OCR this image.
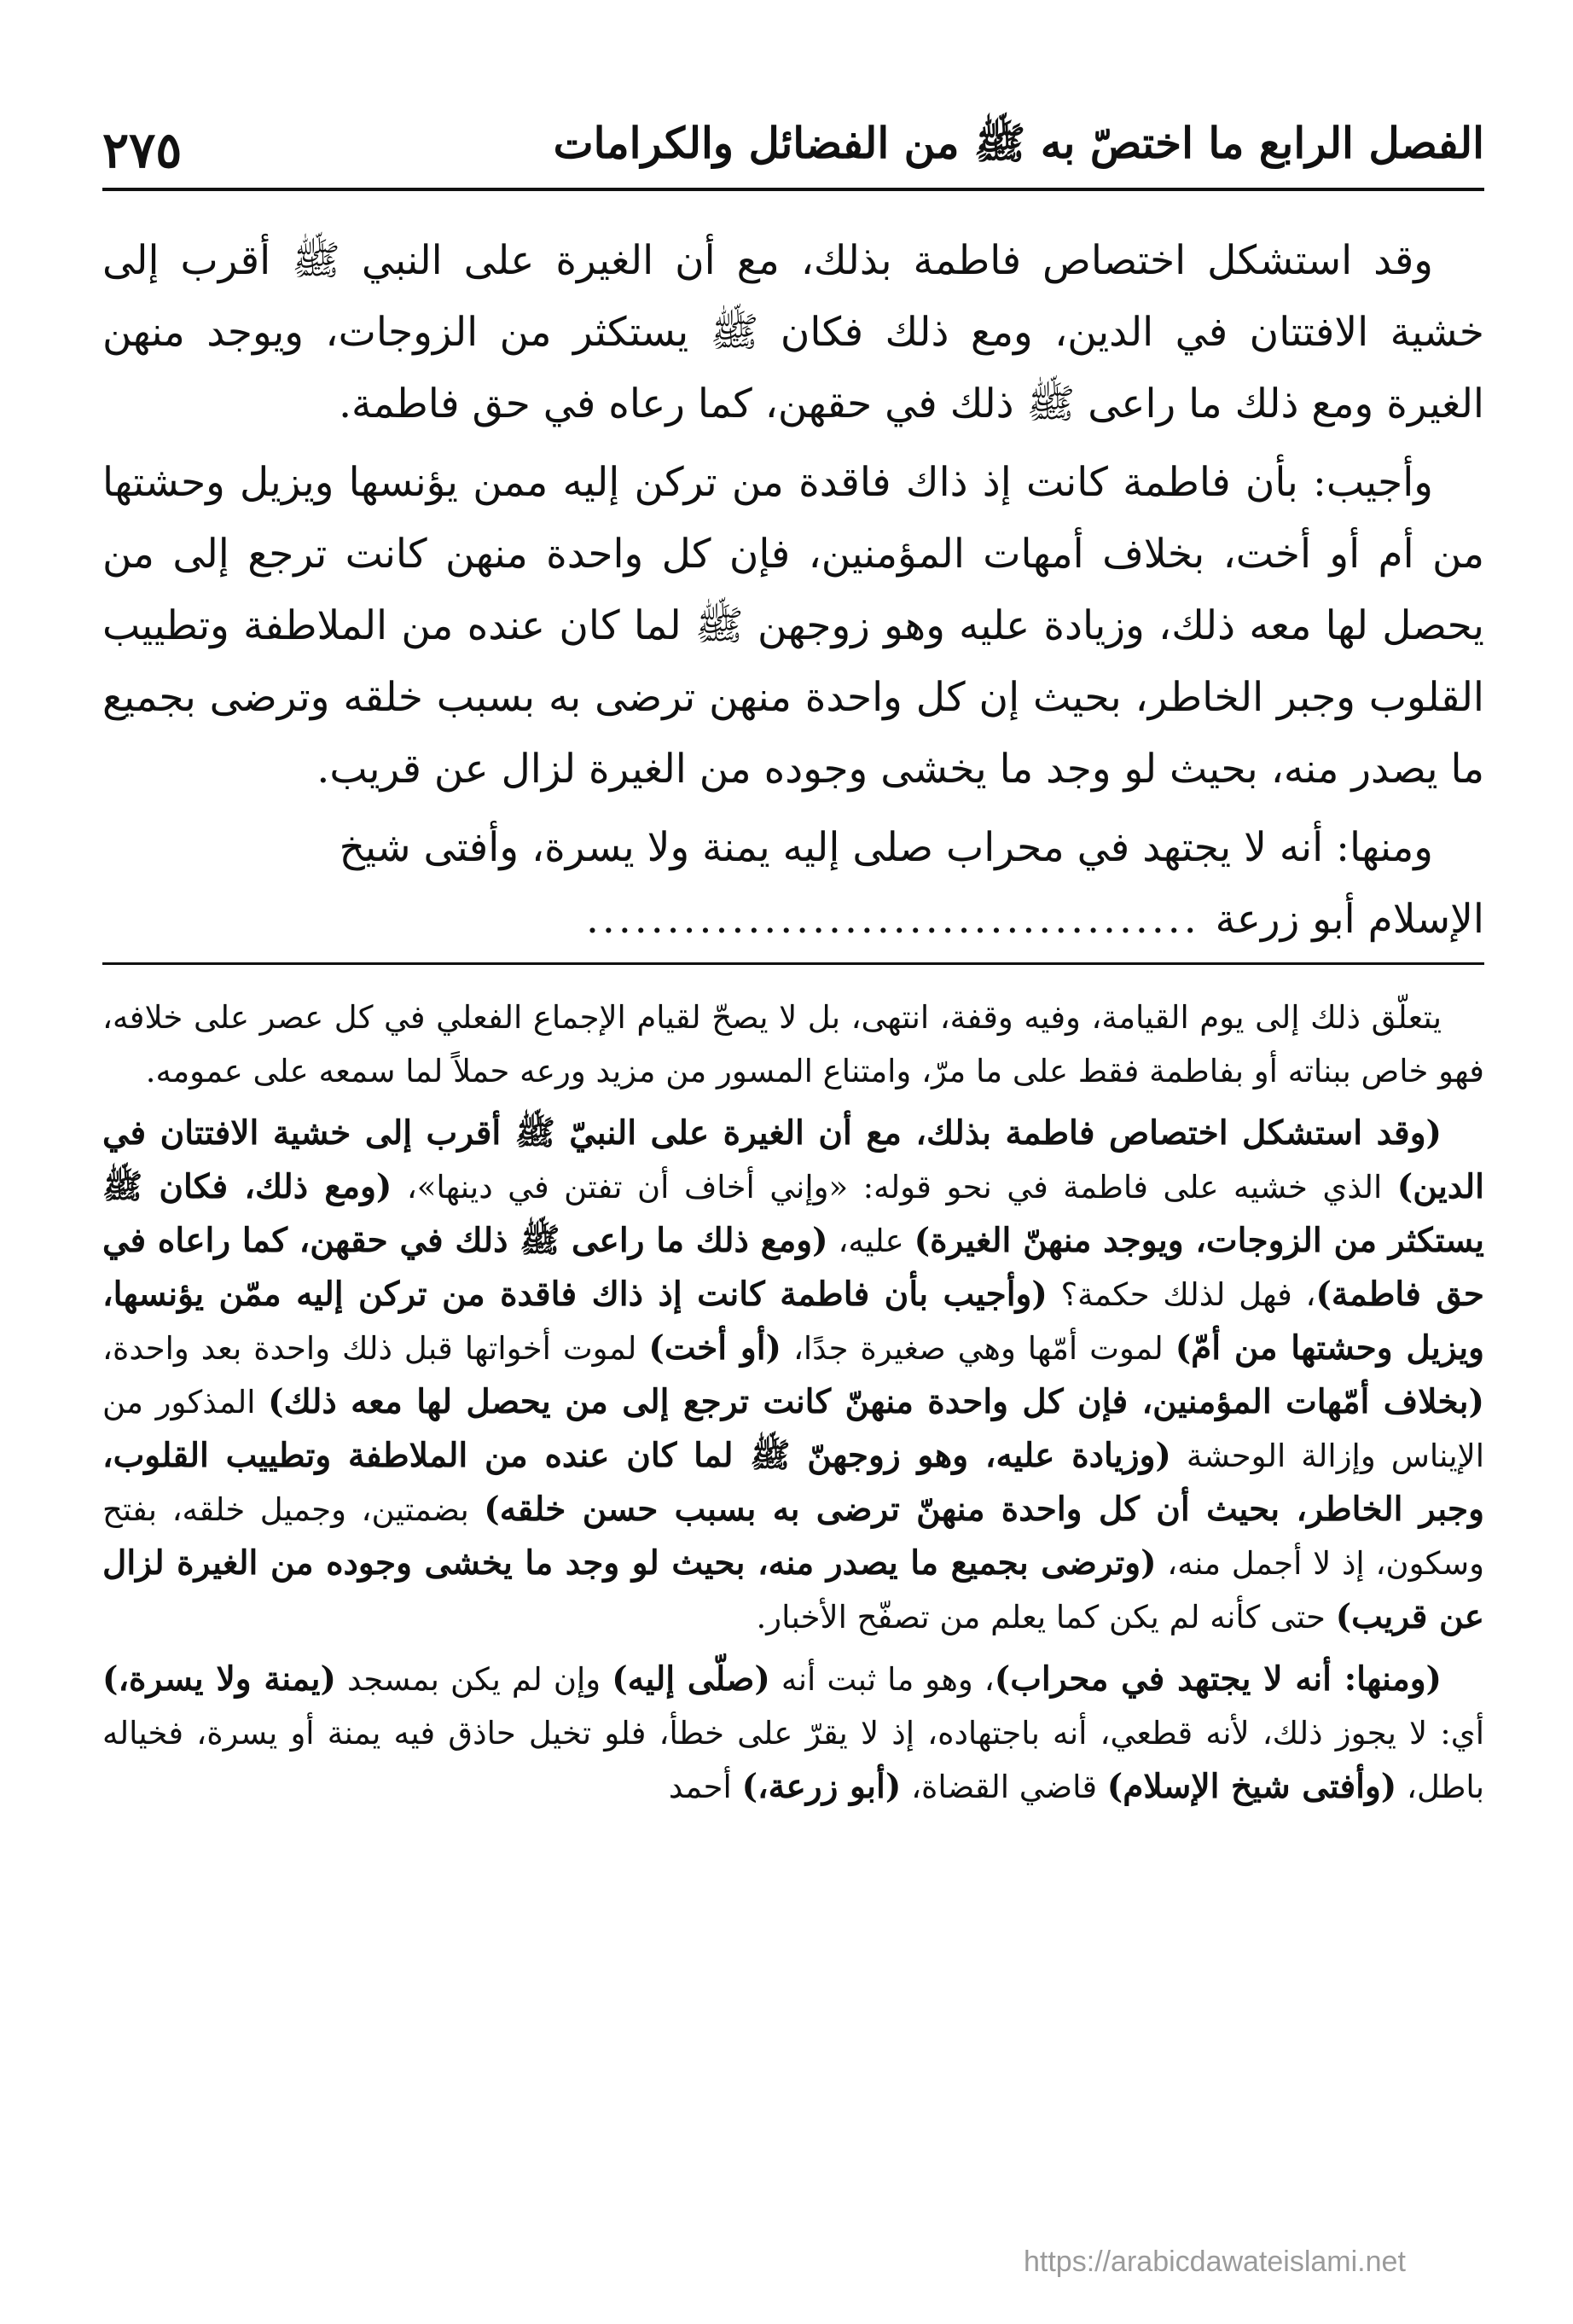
الفصل الرابع ما اختصّ به ﷺ من الفضائل والكرامات
٢٧٥

وقد استشكل اختصاص فاطمة بذلك، مع أن الغيرة على النبي ﷺ أقرب إلى خشية الافتتان في الدين، ومع ذلك فكان ﷺ يستكثر من الزوجات، ويوجد منهن الغيرة ومع ذلك ما راعى ﷺ ذلك في حقهن، كما رعاه في حق فاطمة.

وأجيب: بأن فاطمة كانت إذ ذاك فاقدة من تركن إليه ممن يؤنسها ويزيل وحشتها من أم أو أخت، بخلاف أمهات المؤمنين، فإن كل واحدة منهن كانت ترجع إلى من يحصل لها معه ذلك، وزيادة عليه وهو زوجهن ﷺ لما كان عنده من الملاطفة وتطييب القلوب وجبر الخاطر، بحيث إن كل واحدة منهن ترضى به بسبب خلقه وترضى بجميع ما يصدر منه، بحيث لو وجد ما يخشى وجوده من الغيرة لزال عن قريب.

ومنها: أنه لا يجتهد في محراب صلى إليه يمنة ولا يسرة، وأفتى شيخ

الإسلام أبو زرعة
......................................

يتعلّق ذلك إلى يوم القيامة، وفيه وقفة، انتهى، بل لا يصحّ لقيام الإجماع الفعلي في كل عصر على خلافه، فهو خاص ببناته أو بفاطمة فقط على ما مرّ، وامتناع المسور من مزيد ورعه حملاً لما سمعه على عمومه.

(وقد استشكل اختصاص فاطمة بذلك، مع أن الغيرة على النبيّ ﷺ أقرب إلى خشية الافتتان في الدين) الذي خشيه على فاطمة في نحو قوله: «وإني أخاف أن تفتن في دينها»، (ومع ذلك، فكان ﷺ يستكثر من الزوجات، ويوجد منهنّ الغيرة) عليه، (ومع ذلك ما راعى ﷺ ذلك في حقهن، كما راعاه في حق فاطمة)، فهل لذلك حكمة؟ (وأجيب بأن فاطمة كانت إذ ذاك فاقدة من تركن إليه ممّن يؤنسها، ويزيل وحشتها من أمّ) لموت أمّها وهي صغيرة جدًا، (أو أخت) لموت أخواتها قبل ذلك واحدة بعد واحدة، (بخلاف أمّهات المؤمنين، فإن كل واحدة منهنّ كانت ترجع إلى من يحصل لها معه ذلك) المذكور من الإيناس وإزالة الوحشة (وزيادة عليه، وهو زوجهنّ ﷺ لما كان عنده من الملاطفة وتطييب القلوب، وجبر الخاطر، بحيث أن كل واحدة منهنّ ترضى به بسبب حسن خلقه) بضمتين، وجميل خلقه، بفتح وسكون، إذ لا أجمل منه، (وترضى بجميع ما يصدر منه، بحيث لو وجد ما يخشى وجوده من الغيرة لزال عن قريب) حتى كأنه لم يكن كما يعلم من تصفّح الأخبار.

(ومنها: أنه لا يجتهد في محراب)، وهو ما ثبت أنه (صلّى إليه) وإن لم يكن بمسجد (يمنة ولا يسرة،) أي: لا يجوز ذلك، لأنه قطعي، أنه باجتهاده، إذ لا يقرّ على خطأ، فلو تخيل حاذق فيه يمنة أو يسرة، فخياله باطل، (وأفتى شيخ الإسلام) قاضي القضاة، (أبو زرعة،) أحمد

https://arabicdawateislami.net
